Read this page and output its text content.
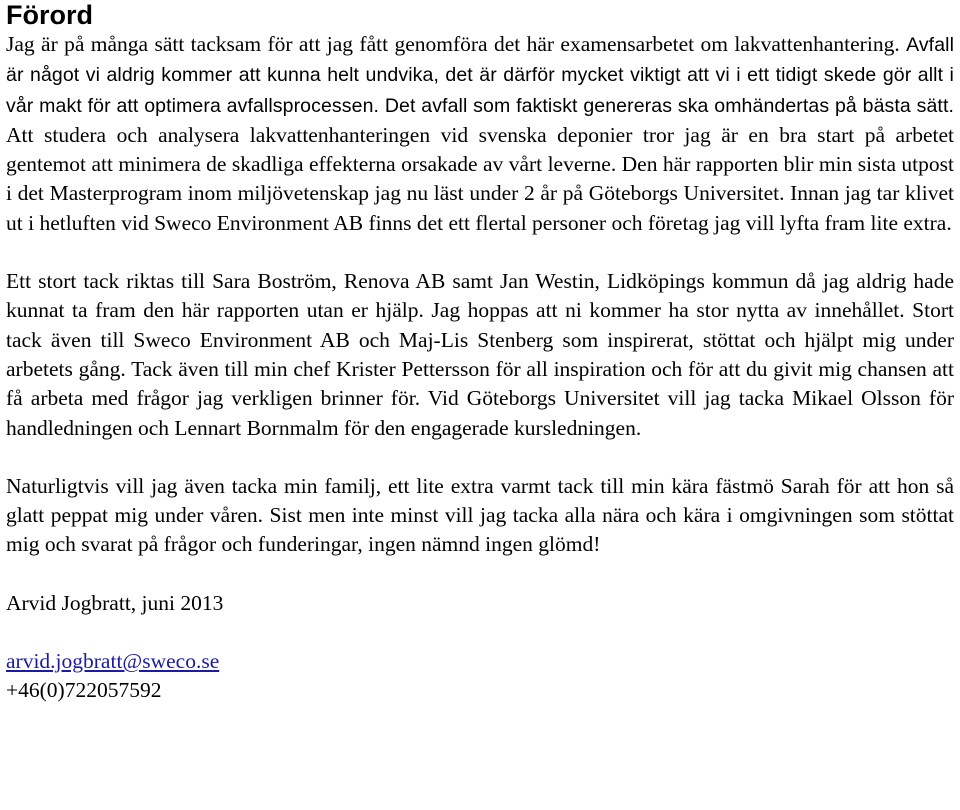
Förord

Jag är på många sätt tacksam för att jag fått genomföra det här examensarbetet om lakvattenhantering. Avfall är något vi aldrig kommer att kunna helt undvika, det är därför mycket viktigt att vi i ett tidigt skede gör allt i vår makt för att optimera avfallsprocessen. Det avfall som faktiskt genereras ska omhändertas på bästa sätt. Att studera och analysera lakvattenhanteringen vid svenska deponier tror jag är en bra start på arbetet gentemot att minimera de skadliga effekterna orsakade av vårt leverne. Den här rapporten blir min sista utpost i det Masterprogram inom miljövetenskap jag nu läst under 2 år på Göteborgs Universitet. Innan jag tar klivet ut i hetluften vid Sweco Environment AB finns det ett flertal personer och företag jag vill lyfta fram lite extra.

Ett stort tack riktas till Sara Boström, Renova AB samt Jan Westin, Lidköpings kommun då jag aldrig hade kunnat ta fram den här rapporten utan er hjälp. Jag hoppas att ni kommer ha stor nytta av innehållet. Stort tack även till Sweco Environment AB och Maj-Lis Stenberg som inspirerat, stöttat och hjälpt mig under arbetets gång. Tack även till min chef Krister Pettersson för all inspiration och för att du givit mig chansen att få arbeta med frågor jag verkligen brinner för. Vid Göteborgs Universitet vill jag tacka Mikael Olsson för handledningen och Lennart Bornmalm för den engagerade kursledningen.

Naturligtvis vill jag även tacka min familj, ett lite extra varmt tack till min kära fästmö Sarah för att hon så glatt peppat mig under våren. Sist men inte minst vill jag tacka alla nära och kära i omgivningen som stöttat mig och svarat på frågor och funderingar, ingen nämnd ingen glömd!

Arvid Jogbratt, juni 2013

arvid.jogbratt@sweco.se

+46(0)722057592
